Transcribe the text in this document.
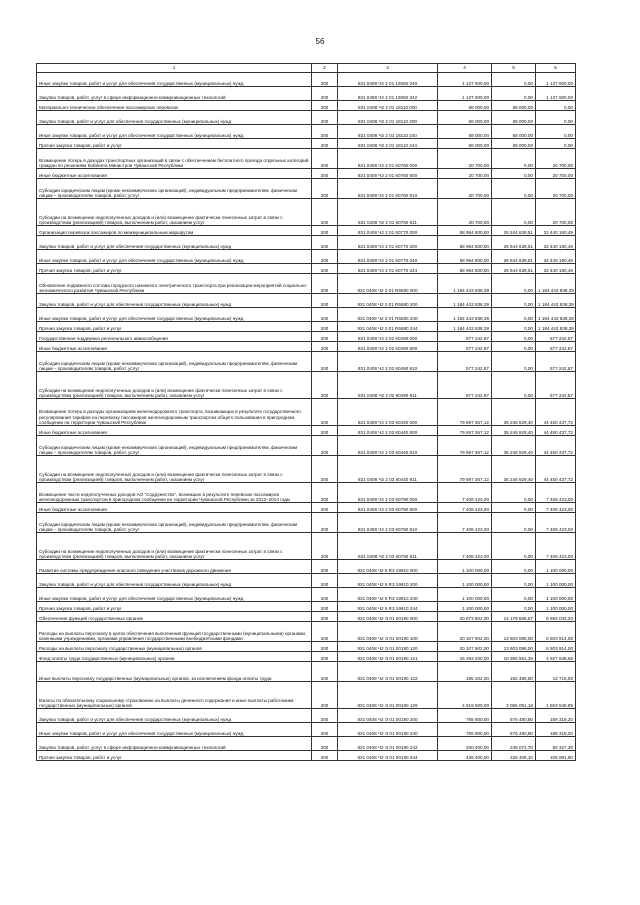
56
1	2	3	4	5	6
Иные закупки товаров, работ и услуг для обеспечения государственных (муниципальных) нужд	200	831 0408 Ч2 2 01 15550 240	1 137 600,00	0,00	1 137 600,00
Закупка товаров, работ, услуг в сфере информационно-коммуникационных технологий	200	831 0408 Ч2 2 01 15550 242	1 137 600,00	0,00	1 137 600,00
Материально-техническое обеспечение пассажирских перевозок	200	831 0408 Ч2 2 01 18110 000	68 000,00	68 000,00	0,00
Закупка товаров, работ и услуг для обеспечения государственных (муниципальных) нужд	200	831 0408 Ч2 2 01 18110 200	68 000,00	68 000,00	0,00
Иные закупки товаров, работ и услуг для обеспечения государственных (муниципальных) нужд	200	831 0408 Ч2 2 01 18110 240	68 000,00	68 000,00	0,00
Прочая закупка товаров, работ и услуг	200	831 0408 Ч2 2 01 18110 244	68 000,00	68 000,00	0,00
Возмещение потерь в доходах транспортных организаций в связи с обеспечением бесплатного проезда отдельных категорий граждан по решениям Кабинета Министров Чувашской Республики	200	831 0408 Ч2 2 01 60760 000	20 700,00	0,00	20 700,00
Иные бюджетные ассигнования	200	831 0408 Ч2 2 01 60760 800	20 700,00	0,00	20 700,00
Субсидии юридическим лицам (кроме некоммерческих организаций), индивидуальным предпринимателям, физическим лицам – производителям товаров, работ, услуг	200	831 0408 Ч2 2 01 60760 810	20 700,00	0,00	20 700,00
Субсидии на возмещение недополученных доходов и (или) возмещение фактически понесенных затрат в связи с производством (реализацией) товаров, выполнением работ, оказанием услуг	200	831 0408 Ч2 2 01 60760 811	20 700,00	0,00	20 700,00
Организация перевозок пассажиров по межмуниципальным маршрутам	200	831 0408 Ч2 2 01 60770 000	58 984 800,00	26 544 639,51	32 440 160,49
Закупка товаров, работ и услуг для обеспечения государственных (муниципальных) нужд	200	831 0408 Ч2 2 01 60770 200	58 984 800,00	26 544 639,51	32 440 160,49
Иные закупки товаров, работ и услуг для обеспечения государственных (муниципальных) нужд	200	831 0408 Ч2 2 01 60770 240	58 984 800,00	26 544 639,51	32 440 160,49
Прочая закупка товаров, работ и услуг	200	831 0408 Ч2 2 01 60770 244	58 984 800,00	26 544 639,51	32 440 160,49
Обновление подвижного состава городского наземного электрического транспорта при реализации мероприятий социально-экономического развития Чувашской Республики	200	831 0408 Ч2 2 01 R5580 000	1 184 443 838,39	0,00	1 184 443 838,39
Закупка товаров, работ и услуг для обеспечения государственных (муниципальных) нужд	200	831 0408 Ч2 2 01 R5580 200	1 184 443 838,39	0,00	1 184 443 838,39
Иные закупки товаров, работ и услуг для обеспечения государственных (муниципальных) нужд	200	831 0408 Ч2 2 01 R5580 240	1 184 443 838,39	0,00	1 184 443 838,39
Прочая закупка товаров, работ и услуг	200	831 0408 Ч2 2 01 R5580 244	1 184 443 838,39	0,00	1 184 443 838,39
Государственная поддержка регионального авиасообщения	200	831 0408 Ч2 2 02 60490 000	577 242,87	0,00	577 242,87
Иные бюджетные ассигнования	200	831 0408 Ч2 2 02 60490 800	577 242,87	0,00	577 242,87
Субсидии юридическим лицам (кроме некоммерческих организаций), индивидуальным предпринимателям, физическим лицам – производителям товаров, работ, услуг	200	831 0408 Ч2 2 02 60490 810	577 242,87	0,00	577 242,87
Субсидии на возмещение недополученных доходов и (или) возмещение фактически понесенных затрат в связи с производством (реализацией) товаров, выполнением работ, оказанием услуг	200	831 0408 Ч2 2 02 60490 811	577 242,87	0,00	577 242,87
Возмещение потерь в доходах организациям железнодорожного транспорта, возникающих в результате государственного регулирования тарифов на перевозку пассажиров железнодорожным транспортом общего пользования в пригородном сообщении на территории Чувашской Республики	200	831 0408 Ч2 2 03 60440 000	79 697 367,12	35 246 929,40	44 450 437,72
Иные бюджетные ассигнования	200	831 0408 Ч2 2 03 60440 800	79 697 367,12	35 246 929,40	44 450 437,72
Субсидии юридическим лицам (кроме некоммерческих организаций), индивидуальным предпринимателям, физическим лицам – производителям товаров, работ, услуг	200	831 0408 Ч2 2 03 60440 810	79 697 367,12	35 246 929,40	44 450 437,72
Субсидии на возмещение недополученных доходов и (или) возмещение фактически понесенных затрат в связи с производством (реализацией) товаров, выполнением работ, оказанием услуг	200	831 0408 Ч2 2 03 60440 811	79 697 367,12	35 246 929,40	44 450 437,72
Возмещение части недополученных доходов АО "Содружество", возникших в результате перевозок пассажиров железнодорожным транспортом в пригородном сообщении на территории Чувашской Республики за 2013–2014 годы	200	831 0408 Ч2 2 03 60790 000	7 408 423,00	0,00	7 408 423,00
Иные бюджетные ассигнования	200	831 0408 Ч2 2 03 60790 800	7 408 423,00	0,00	7 408 423,00
Субсидии юридическим лицам (кроме некоммерческих организаций), индивидуальным предпринимателям, физическим лицам – производителям товаров, работ, услуг	200	831 0408 Ч2 2 03 60790 810	7 408 423,00	0,00	7 408 423,00
Субсидии на возмещение недополученных доходов и (или) возмещение фактически понесенных затрат в связи с производством (реализацией) товаров, выполнением работ, оказанием услуг	200	831 0408 Ч2 2 03 60790 811	7 408 423,00	0,00	7 408 423,00
Развитие системы предупреждения опасного поведения участников дорожного движения	200	831 0408 Ч2 5 R3 19910 000	1 100 000,00	0,00	1 100 000,00
Закупка товаров, работ и услуг для обеспечения государственных (муниципальных) нужд	200	831 0408 Ч2 5 R3 19910 200	1 100 000,00	0,00	1 100 000,00
Иные закупки товаров, работ и услуг для обеспечения государственных (муниципальных) нужд	200	831 0408 Ч2 5 R3 19910 240	1 100 000,00	0,00	1 100 000,00
Прочая закупка товаров, работ и услуг	200	831 0408 Ч2 5 R3 19910 244	1 100 000,00	0,00	1 100 000,00
Обеспечение функций государственных органов	200	831 0408 Ч2 Э 01 00190 000	20 873 802,00	14 179 668,67	6 694 033,20
Расходы на выплаты персоналу в целях обеспечения выполнения функций государственными (муниципальными) органами, казенными учреждениями, органами управления государственными внебюджетными фондами	200	831 0408 Ч2 Э 01 00190 100	20 107 902,00	13 603 088,00	6 503 914,00
Расходы на выплаты персоналу государственных (муниципальных) органов	200	831 0408 Ч2 Э 01 00190 120	20 107 902,00	13 603 088,00	6 503 914,00
Фонд оплаты труда государственных (муниципальных) органов	200	831 0408 Ч2 Э 01 00190 121	15 293 200,00	10 365 551,35	4 927 648,65
Иные выплаты персоналу государственных (муниципальных) органов, за исключением фонда оплаты труда	200	831 0408 Ч2 Э 01 00190 122	195 202,00	182 486,50	12 715,50
Взносы по обязательному социальному страхованию на выплаты денежного содержания и иные выплаты работникам государственных (муниципальных) органов	200	831 0408 Ч2 Э 01 00190 129	4 619 500,00	3 055 051,15	1 563 548,85
Закупка товаров, работ и услуг для обеспечения государственных (муниципальных) нужд	200	831 0408 Ч2 Э 01 00190 200	765 800,00	576 480,80	189 319,20
Иные закупки товаров, работ и услуг для обеспечения государственных (муниципальных) нужд	200	831 0408 Ч2 Э 01 00190 240	765 800,00	576 480,80	189 319,20
Закупка товаров, работ, услуг в сфере информационно-коммуникационных технологий	200	831 0408 Ч2 Э 01 00190 242	330 400,00	248 072,70	82 327,30
Прочая закупка товаров, работ и услуг	200	831 0408 Ч2 Э 01 00190 244	435 400,00	328 408,10	106 991,90
